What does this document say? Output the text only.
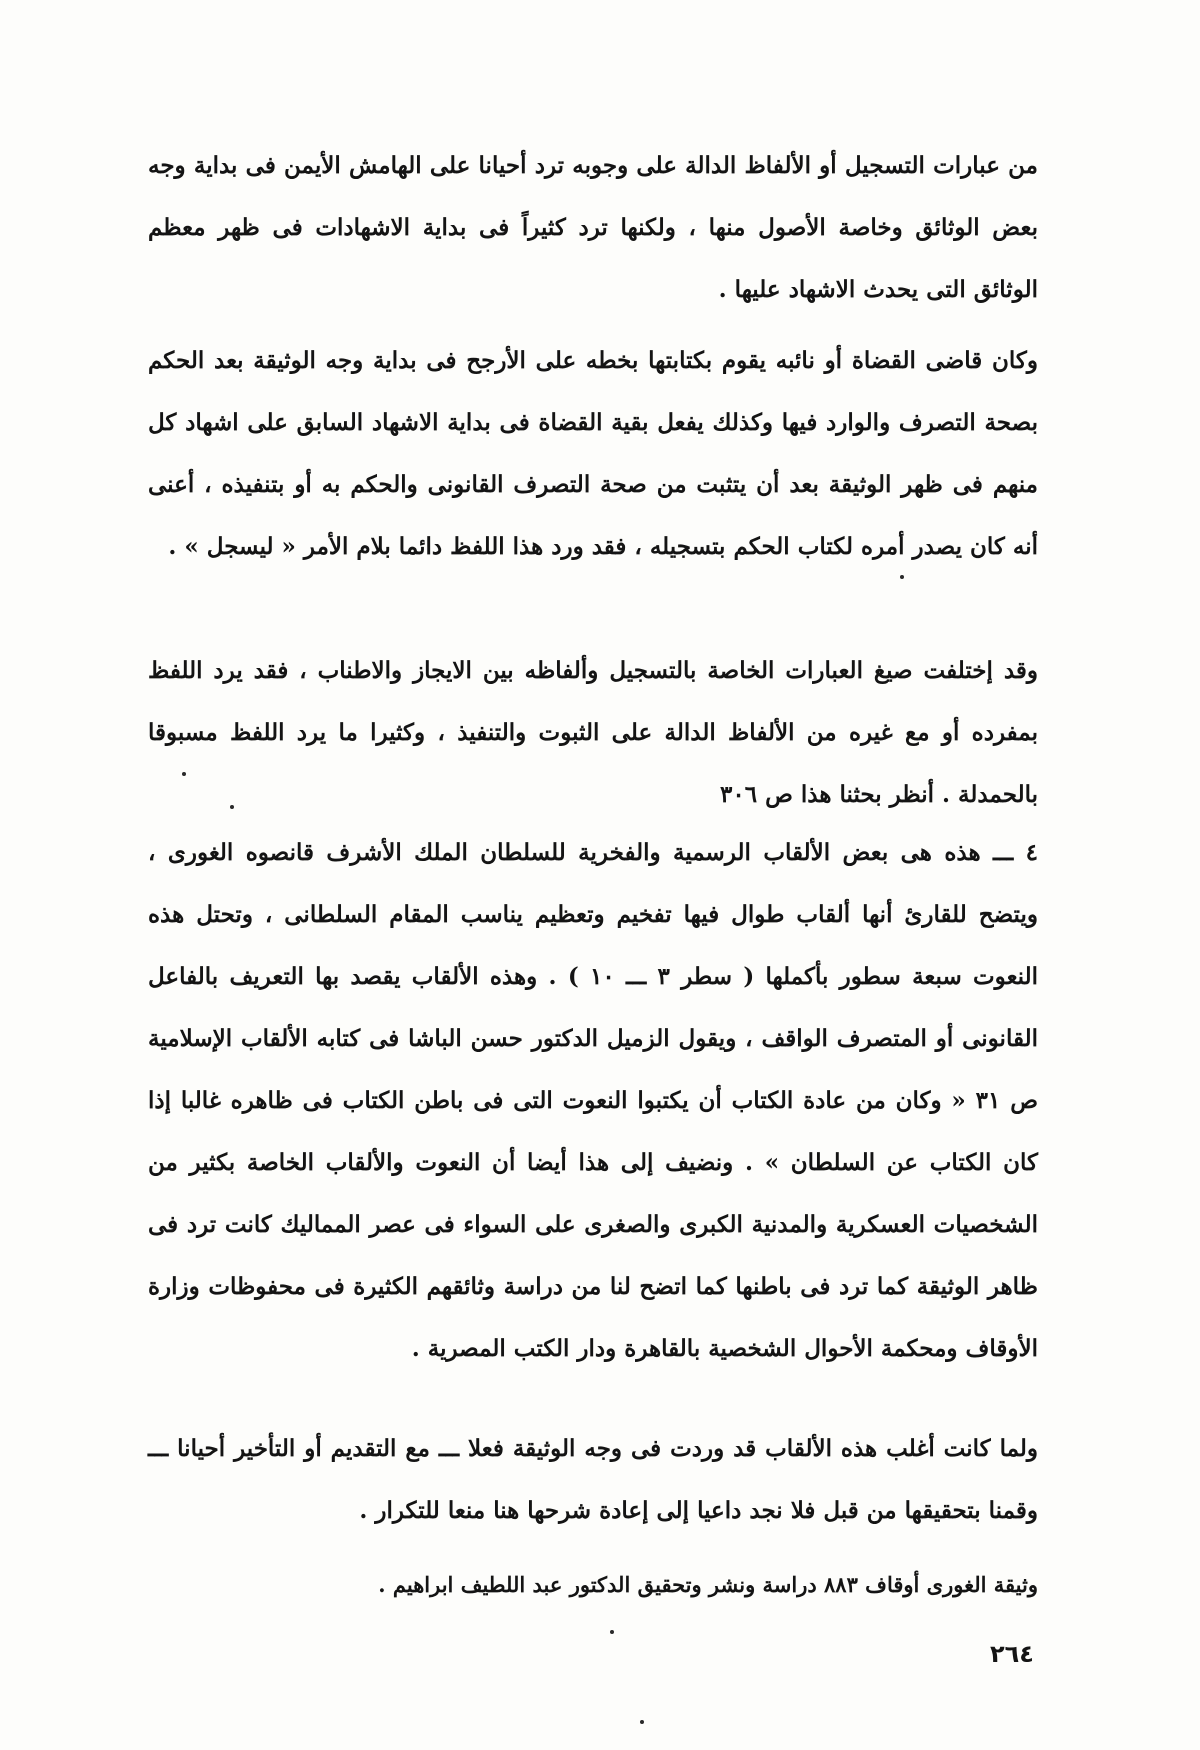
من عبارات التسجيل أو الألفاظ الدالة على وجوبه ترد أحيانا على الهامش الأيمن فى بداية وجه بعض الوثائق وخاصة الأصول منها ، ولكنها ترد كثيراً فى بداية الاشهادات فى ظهر معظم الوثائق التى يحدث الاشهاد عليها .

وكان قاضى القضاة أو نائبه يقوم بكتابتها بخطه على الأرجح فى بداية وجه الوثيقة بعد الحكم بصحة التصرف والوارد فيها وكذلك يفعل بقية القضاة فى بداية الاشهاد السابق على اشهاد كل منهم فى ظهر الوثيقة بعد أن يتثبت من صحة التصرف القانونى والحكم به أو بتنفيذه ، أعنى أنه كان يصدر أمره لكتاب الحكم بتسجيله ، فقد ورد هذا اللفظ دائما بلام الأمر « ليسجل » .

وقد إختلفت صيغ العبارات الخاصة بالتسجيل وألفاظه بين الايجاز والاطناب ، فقد يرد اللفظ بمفرده أو مع غيره من الألفاظ الدالة على الثبوت والتنفيذ ، وكثيرا ما يرد اللفظ مسبوقا بالحمدلة . أنظر بحثنا هذا ص ٣٠٦

٤ ـــ هذه هى بعض الألقاب الرسمية والفخرية للسلطان الملك الأشرف قانصوه الغورى ، ويتضح للقارئ أنها ألقاب طوال فيها تفخيم وتعظيم يناسب المقام السلطانى ، وتحتل هذه النعوت سبعة سطور بأكملها ( سطر ٣ ـــ ١٠ ) . وهذه الألقاب يقصد بها التعريف بالفاعل القانونى أو المتصرف الواقف ، ويقول الزميل الدكتور حسن الباشا فى كتابه الألقاب الإسلامية ص ٣١ « وكان من عادة الكتاب أن يكتبوا النعوت التى فى باطن الكتاب فى ظاهره غالبا إذا كان الكتاب عن السلطان » . ونضيف إلى هذا أيضا أن النعوت والألقاب الخاصة بكثير من الشخصيات العسكرية والمدنية الكبرى والصغرى على السواء فى عصر المماليك كانت ترد فى ظاهر الوثيقة كما ترد فى باطنها كما اتضح لنا من دراسة وثائقهم الكثيرة فى محفوظات وزارة الأوقاف ومحكمة الأحوال الشخصية بالقاهرة ودار الكتب المصرية .

ولما كانت أغلب هذه الألقاب قد وردت فى وجه الوثيقة فعلا ـــ مع التقديم أو التأخير أحيانا ـــ وقمنا بتحقيقها من قبل فلا نجد داعيا إلى إعادة شرحها هنا منعا للتكرار .

وثيقة الغورى أوقاف ٨٨٣ دراسة ونشر وتحقيق الدكتور عبد اللطيف ابراهيم .
٢٦٤
